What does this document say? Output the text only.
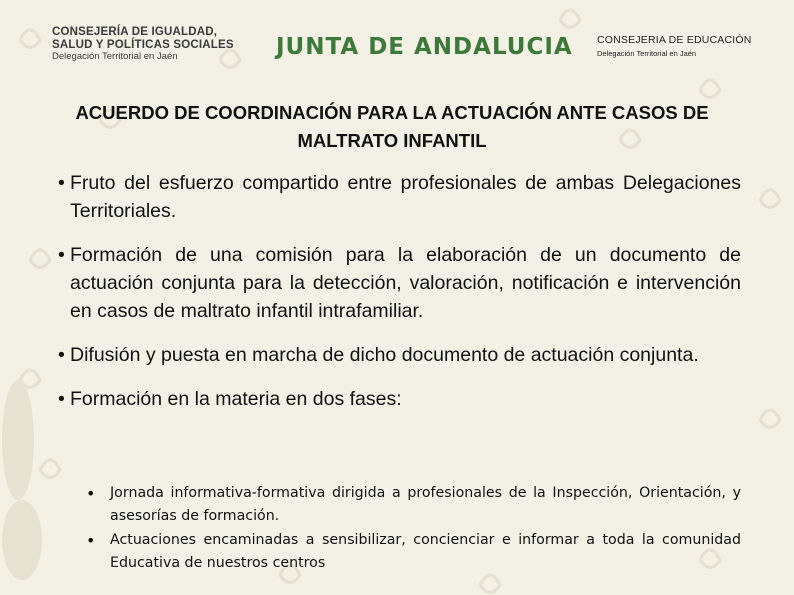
CONSEJERÍA DE IGUALDAD,
SALUD Y POLÍTICAS SOCIALES
Delegación Territorial en Jaén	JUNTA DE ANDALUCIA CONSEJERIA DE EDUCACIÓN
Delegación Territorial en Jaén
ACUERDO DE COORDINACIÓN PARA LA ACTUACIÓN ANTE CASOS DE MALTRATO INFANTIL
• Fruto del esfuerzo compartido entre profesionales de ambas Delegaciones Territoriales.
• Formación de una comisión para la elaboración de un documento de actuación conjunta para la detección, valoración, notificación e intervención en casos de maltrato infantil intrafamiliar.
• Difusión y puesta en marcha de dicho documento de actuación conjunta.
• Formación en la materia en dos fases:
• Jornada informativa-formativa dirigida a profesionales de la Inspección, Orientación, y asesorías de formación.
• Actuaciones encaminadas a sensibilizar, concienciar e informar a toda la comunidad Educativa de nuestros centros
